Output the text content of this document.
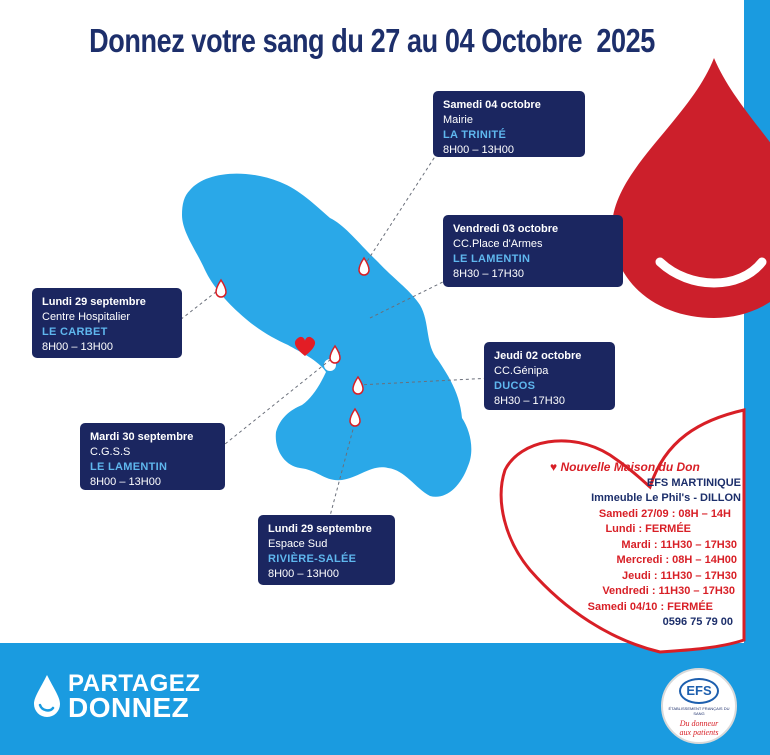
Donnez votre sang du 27 au 04 Octobre  2025
Samedi 04 octobre
Mairie
LA TRINITÉ
8H00 – 13H00
Vendredi 03 octobre
CC.Place d'Armes
LE LAMENTIN
8H30 – 17H30
Lundi 29 septembre
Centre Hospitalier
LE CARBET
8H00 – 13H00
Jeudi 02 octobre
CC.Génipa
DUCOS
8H30 – 17H30
Mardi 30 septembre
C.G.S.S
LE LAMENTIN
8H00 – 13H00
Lundi 29 septembre
Espace Sud
RIVIÈRE-SALÉE
8H00 – 13H00
♥ Nouvelle Maison du Don
EFS MARTINIQUE
Immeuble Le Phil's - DILLON
Samedi 27/09 : 08H – 14H
Lundi : FERMÉE
Mardi : 11H30 – 17H30
Mercredi : 08H – 14H00
Jeudi : 11H30 – 17H30
Vendredi : 11H30 – 17H30
Samedi 04/10 : FERMÉE
0596 75 79 00
PARTAGEZ
DONNEZ
EFS
ÉTABLISSEMENT FRANÇAIS DU SANG
Du donneur
aux patients
